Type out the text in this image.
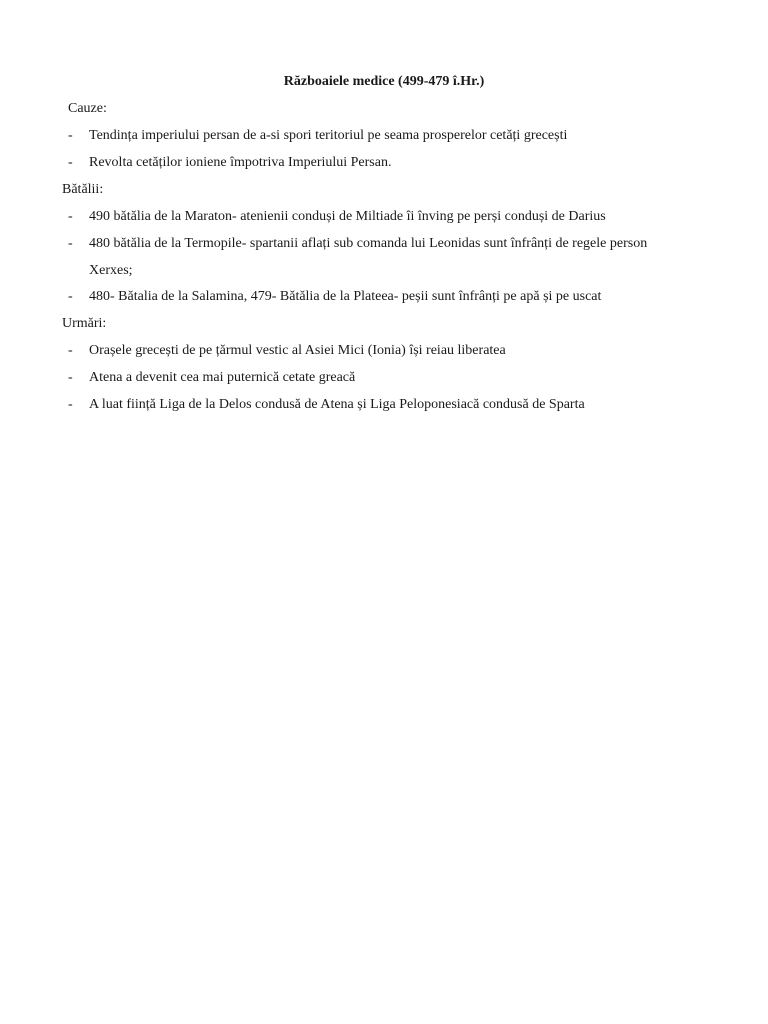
Războaiele medice (499-479 î.Hr.)
Cauze:
- Tendința imperiului persan de a-si spori teritoriul pe seama prosperelor cetăți grecești
- Revolta cetăților ioniene împotriva Imperiului Persan.
Bătălii:
- 490 bătălia de la Maraton- atenienii conduși de Miltiade îi înving pe perși conduși de Darius
- 480 bătălia de la Termopile- spartanii aflați sub comanda lui Leonidas sunt înfrânți de regele person
Xerxes;
- 480- Bătalia de la Salamina, 479- Bătălia de la Plateea- peșii sunt înfrânți pe apă și pe uscat
Urmări:
- Orașele grecești de pe țărmul vestic al Asiei Mici (Ionia) își reiau liberatea
- Atena a devenit cea mai puternică cetate greacă
- A luat ființă Liga de la Delos condusă de Atena și Liga Peloponesiacă condusă de Sparta
